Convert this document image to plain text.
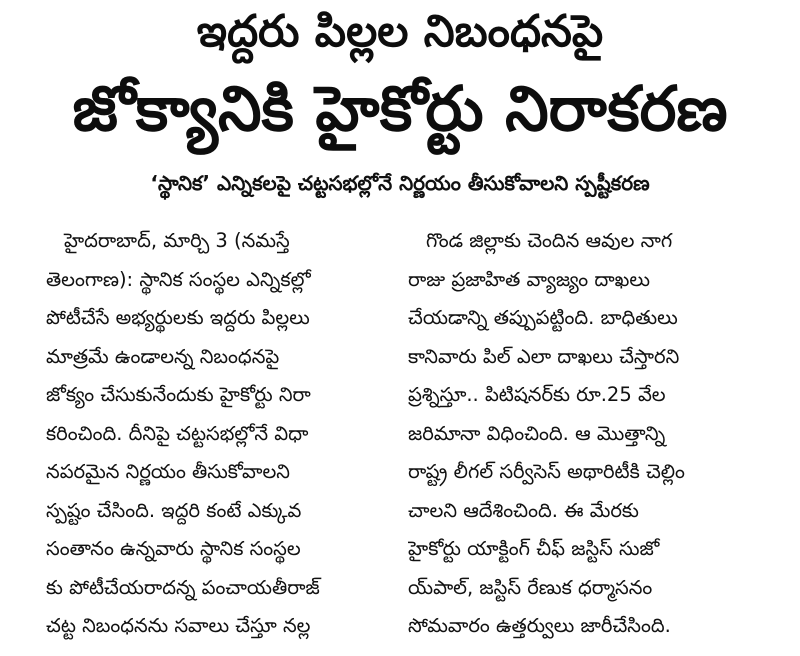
ఇద్దరు పిల్లల నిబంధనపై
జోక్యానికి హైకోర్టు నిరాకరణ

‘స్థానిక’ ఎన్నికలపై చట్టసభల్లోనే నిర్ణయం తీసుకోవాలని స్పష్టీకరణ

హైదరాబాద్, మార్చి 3 (నమస్తే
తెలంగాణ): స్థానిక సంస్థల ఎన్నికల్లో
పోటీచేసే అభ్యర్థులకు ఇద్దరు పిల్లలు
మాత్రమే ఉండాలన్న నిబంధనపై
జోక్యం చేసుకునేందుకు హైకోర్టు నిరా
కరించింది. దీనిపై చట్టసభల్లోనే విధా
నపరమైన నిర్ణయం తీసుకోవాలని
స్పష్టం చేసింది. ఇద్దరి కంటే ఎక్కువ
సంతానం ఉన్నవారు స్థానిక సంస్థల
కు పోటీచేయరాదన్న పంచాయతీరాజ్
చట్ట నిబంధనను సవాలు చేస్తూ నల్ల
గొండ జిల్లాకు చెందిన ఆవుల నాగ
రాజు ప్రజాహిత వ్యాజ్యం దాఖలు
చేయడాన్ని తప్పుపట్టింది. బాధితులు
కానివారు పిల్ ఎలా దాఖలు చేస్తారని
ప్రశ్నిస్తూ.. పిటిషనర్‌కు రూ.25 వేల
జరిమానా విధించింది. ఆ మొత్తాన్ని
రాష్ట్ర లీగల్ సర్వీసెస్ అథారిటీకి చెల్లిం
చాలని ఆదేశించింది. ఈ మేరకు
హైకోర్టు యాక్టింగ్ చీఫ్ జస్టిస్ సుజో
య్‌పాల్, జస్టిస్ రేణుక ధర్మాసనం
సోమవారం ఉత్తర్వులు జారీచేసింది.
